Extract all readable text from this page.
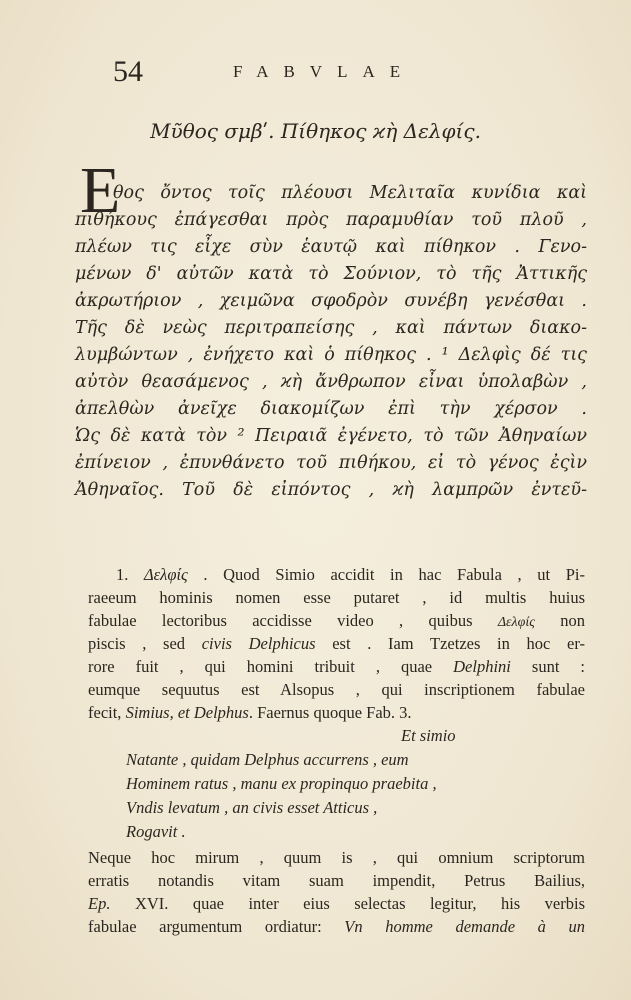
54	FABVLAE
Μῦθος σμβʹ. Πίθηκος ϰὴ Δελφίς.
E
θος ὄντος τοῖς πλέουσι Μελιταῖα κυνίδια καὶ
πιθήκους ἐπάγεσθαι πρὸς παραμυθίαν τοῦ πλοῦ ,
πλέων τις εἶχε σὺν ἑαυτῷ καὶ πίθηκον . Γενο-
μένων δ' αὐτῶν κατὰ τὸ Σούνιον, τὸ τῆς Ἀττικῆς
ἀκρωτήριον , χειμῶνα σφοδρὸν συνέβη γενέσθαι .
Τῆς δὲ νεὼς περιτραπείσης , καὶ πάντων διακο-
λυμβώντων , ἐνήχετο καὶ ὁ πίθηκος . ¹ Δελφὶς δέ τις
αὐτὸν θεασάμενος , ϰὴ ἄνθρωπον εἶναι ὑπολαβὼν ,
ἀπελθὼν ἀνεῖχε διακομίζων ἐπὶ τὴν χέρσον .
Ὡς δὲ κατὰ τὸν ² Πειραιᾶ ἐγένετο, τὸ τῶν Ἀθηναίων
ἐπίνειον , ἐπυνθάνετο τοῦ πιθήκου, εἰ τὸ γένος ἐςὶν
Ἀθηναῖος. Τοῦ δὲ εἰπόντος , ϰὴ λαμπρῶν ἐντεῦ-
1. Δελφίς . Quod Simio accidit in hac Fabula , ut Pi-
raeeum hominis nomen esse putaret , id multis huius
fabulae lectoribus accidisse video , quibus Δελφίς non
piscis , sed civis Delphicus est . Iam Tzetzes in hoc er-
rore fuit , qui homini tribuit , quae Delphini sunt :
eumque sequutus est Alsopus , qui inscriptionem fabulae
fecit, Simius, et Delphus. Faernus quoque Fab. 3.
Et simio
Natante , quidam Delphus accurrens , eum
Hominem ratus , manu ex propinquo praebita ,
Vndis levatum , an civis esset Atticus ,
Rogavit .
Neque hoc mirum , quum is , qui omnium scriptorum
erratis notandis vitam suam impendit, Petrus Bailius,
Ep. XVI. quae inter eius selectas legitur, his verbis
fabulae argumentum ordiatur: Vn homme demande à un
